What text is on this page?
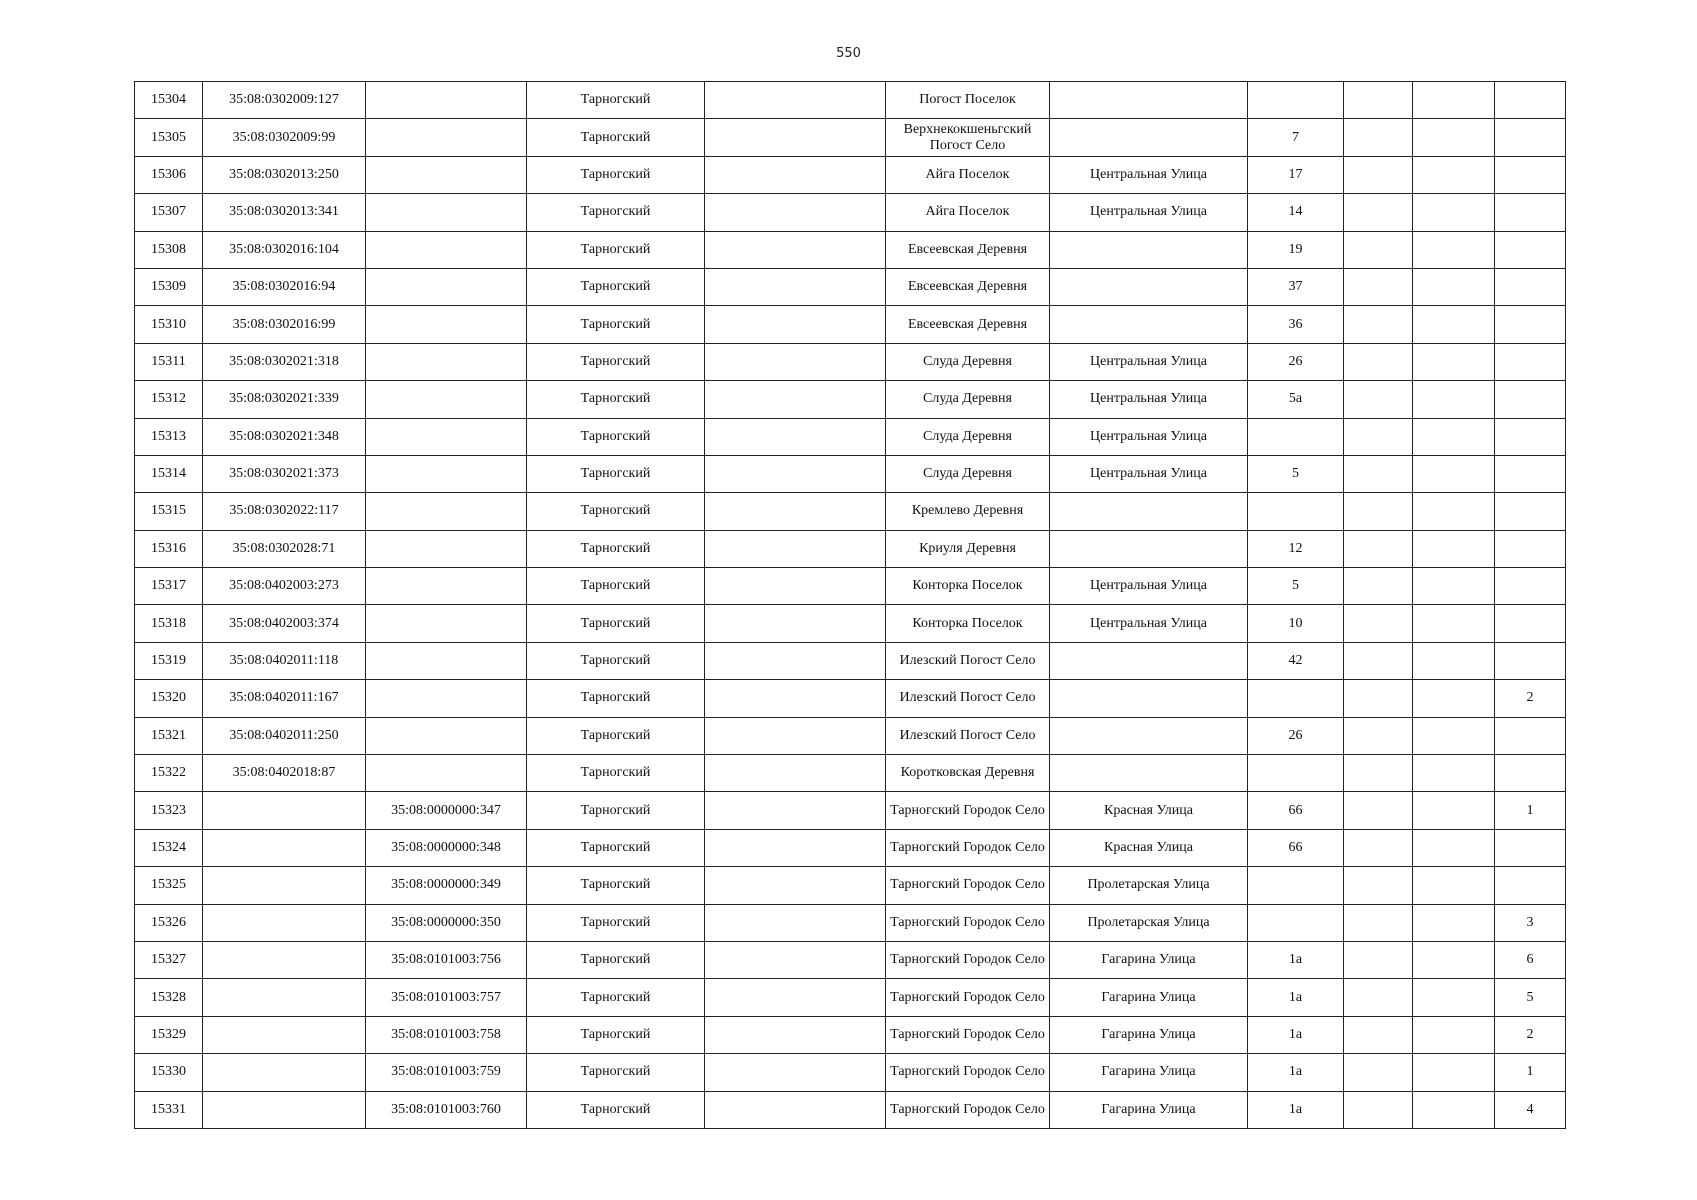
550
15304	35:08:0302009:127		Тарногский		Погост Поселок					
15305	35:08:0302009:99		Тарногский		Верхнекокшеньгский Погост Село		7			
15306	35:08:0302013:250		Тарногский		Айга Поселок	Центральная Улица	17			
15307	35:08:0302013:341		Тарногский		Айга Поселок	Центральная Улица	14			
15308	35:08:0302016:104		Тарногский		Евсеевская Деревня		19			
15309	35:08:0302016:94		Тарногский		Евсеевская Деревня		37			
15310	35:08:0302016:99		Тарногский		Евсеевская Деревня		36			
15311	35:08:0302021:318		Тарногский		Слуда Деревня	Центральная Улица	26			
15312	35:08:0302021:339		Тарногский		Слуда Деревня	Центральная Улица	5а			
15313	35:08:0302021:348		Тарногский		Слуда Деревня	Центральная Улица				
15314	35:08:0302021:373		Тарногский		Слуда Деревня	Центральная Улица	5			
15315	35:08:0302022:117		Тарногский		Кремлево Деревня					
15316	35:08:0302028:71		Тарногский		Криуля Деревня		12			
15317	35:08:0402003:273		Тарногский		Конторка Поселок	Центральная Улица	5			
15318	35:08:0402003:374		Тарногский		Конторка Поселок	Центральная Улица	10			
15319	35:08:0402011:118		Тарногский		Илезский Погост Село		42			
15320	35:08:0402011:167		Тарногский		Илезский Погост Село					2
15321	35:08:0402011:250		Тарногский		Илезский Погост Село		26			
15322	35:08:0402018:87		Тарногский		Коротковская Деревня					
15323		35:08:0000000:347	Тарногский		Тарногский Городок Село	Красная Улица	66			1
15324		35:08:0000000:348	Тарногский		Тарногский Городок Село	Красная Улица	66			
15325		35:08:0000000:349	Тарногский		Тарногский Городок Село	Пролетарская Улица				
15326		35:08:0000000:350	Тарногский		Тарногский Городок Село	Пролетарская Улица				3
15327		35:08:0101003:756	Тарногский		Тарногский Городок Село	Гагарина Улица	1а			6
15328		35:08:0101003:757	Тарногский		Тарногский Городок Село	Гагарина Улица	1а			5
15329		35:08:0101003:758	Тарногский		Тарногский Городок Село	Гагарина Улица	1а			2
15330		35:08:0101003:759	Тарногский		Тарногский Городок Село	Гагарина Улица	1а			1
15331		35:08:0101003:760	Тарногский		Тарногский Городок Село	Гагарина Улица	1а			4
